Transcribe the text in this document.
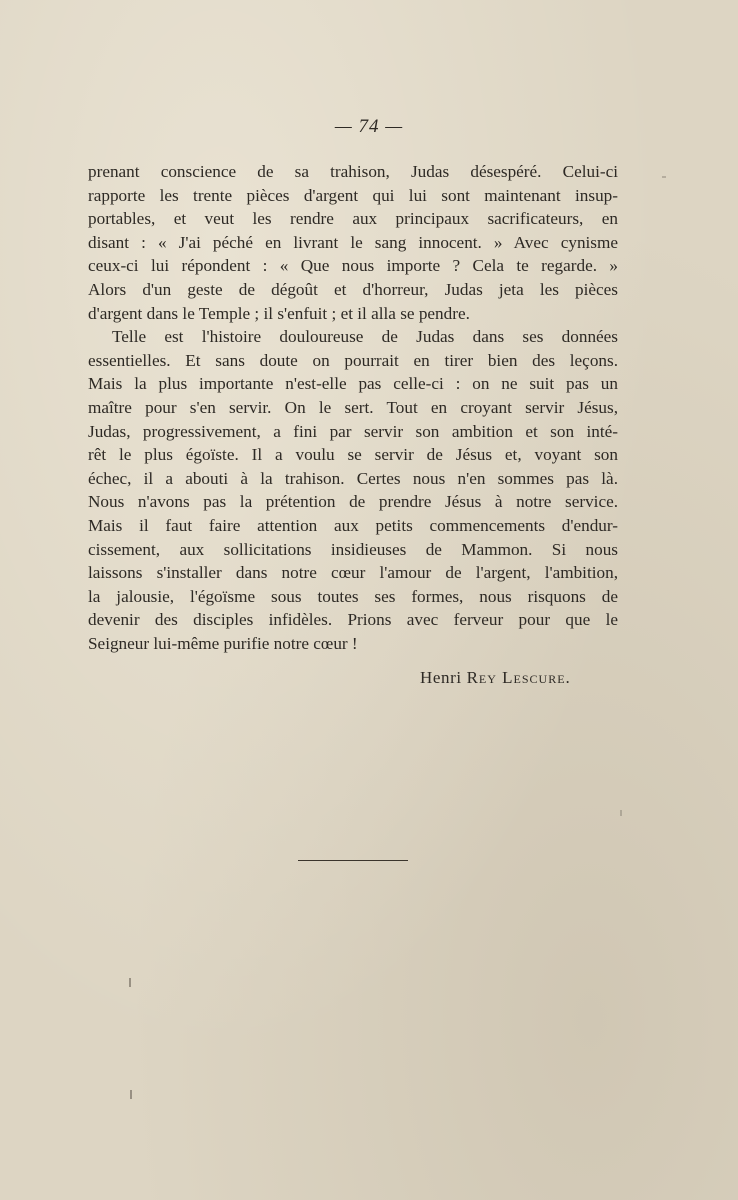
— 74 —

prenant conscience de sa trahison, Judas désespéré. Celui-ci
rapporte les trente pièces d'argent qui lui sont maintenant insup-
portables, et veut les rendre aux principaux sacrificateurs, en
disant : « J'ai péché en livrant le sang innocent. » Avec cynisme
ceux-ci lui répondent : « Que nous importe ? Cela te regarde. »
Alors d'un geste de dégoût et d'horreur, Judas jeta les pièces
d'argent dans le Temple ; il s'enfuit ; et il alla se pendre.

Telle est l'histoire douloureuse de Judas dans ses données
essentielles. Et sans doute on pourrait en tirer bien des leçons.
Mais la plus importante n'est-elle pas celle-ci : on ne suit pas un
maître pour s'en servir. On le sert. Tout en croyant servir Jésus,
Judas, progressivement, a fini par servir son ambition et son inté-
rêt le plus égoïste. Il a voulu se servir de Jésus et, voyant son
échec, il a abouti à la trahison. Certes nous n'en sommes pas là.
Nous n'avons pas la prétention de prendre Jésus à notre service.
Mais il faut faire attention aux petits commencements d'endur-
cissement, aux sollicitations insidieuses de Mammon. Si nous
laissons s'installer dans notre cœur l'amour de l'argent, l'ambition,
la jalousie, l'égoïsme sous toutes ses formes, nous risquons de
devenir des disciples infidèles. Prions avec ferveur pour que le
Seigneur lui-même purifie notre cœur !

Henri Rey Lescure.
